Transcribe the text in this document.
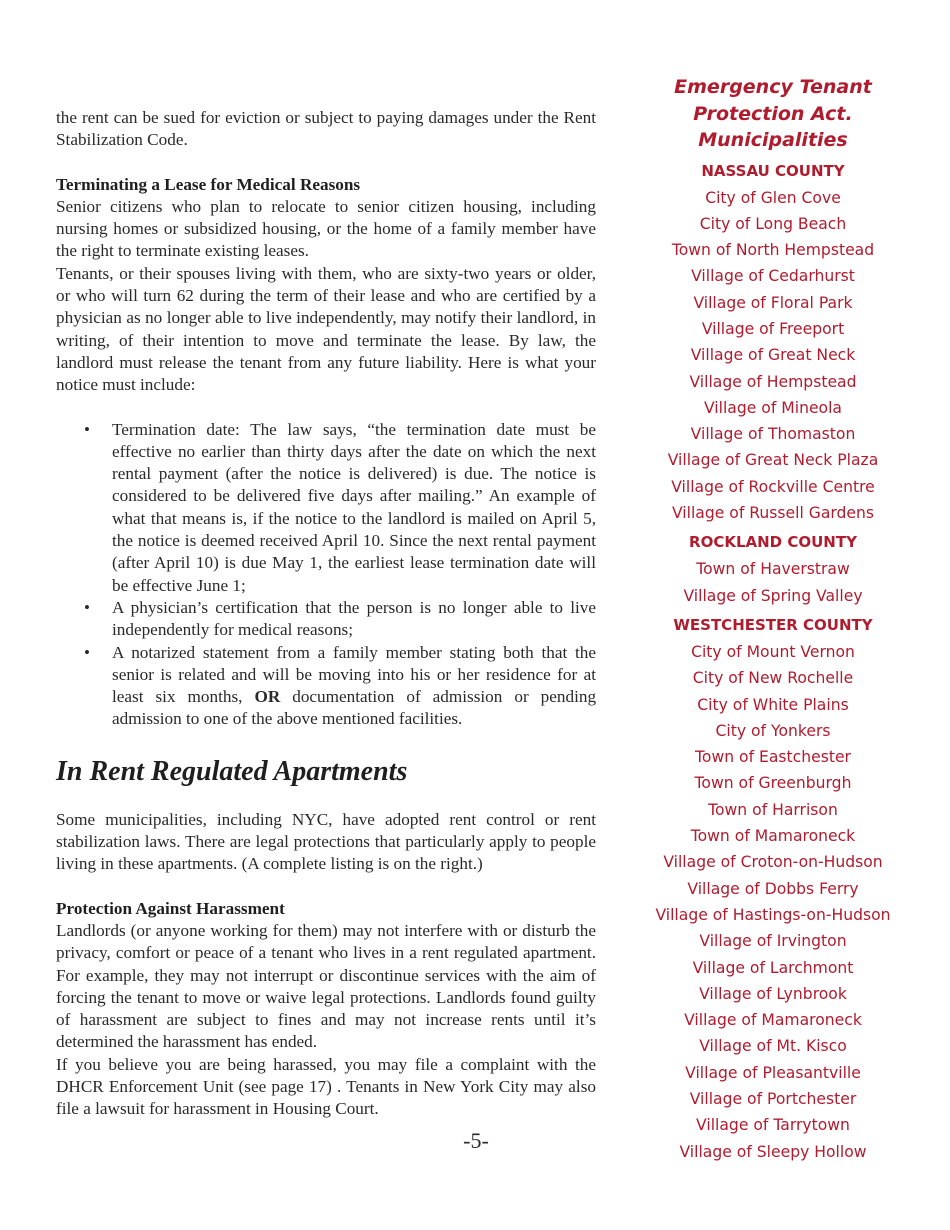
the rent can be sued for eviction or subject to paying damages under the Rent Stabilization Code.

Terminating a Lease for Medical Reasons

Senior citizens who plan to relocate to senior citizen housing, including nursing homes or subsidized housing, or the home of a family member have the right to terminate existing leases.

Tenants, or their spouses living with them, who are sixty-two years or older, or who will turn 62 during the term of their lease and who are certified by a physician as no longer able to live independently, may notify their landlord, in writing, of their intention to move and terminate the lease. By law, the landlord must release the tenant from any future liability. Here is what your notice must include:

• Termination date: The law says, “the termination date must be effective no earlier than thirty days after the date on which the next rental payment (after the notice is delivered) is due. The notice is considered to be delivered five days after mailing.” An example of what that means is, if the notice to the landlord is mailed on April 5, the notice is deemed received April 10. Since the next rental payment (after April 10) is due May 1, the earliest lease termination date will be effective June 1;
• A physician’s certification that the person is no longer able to live independently for medical reasons;
• A notarized statement from a family member stating both that the senior is related and will be moving into his or her residence for at least six months, OR documentation of admission or pending admission to one of the above mentioned facilities.
In Rent Regulated Apartments

Some municipalities, including NYC, have adopted rent control or rent stabilization laws. There are legal protections that particularly apply to people living in these apartments. (A complete listing is on the right.)

Protection Against Harassment

Landlords (or anyone working for them) may not interfere with or disturb the privacy, comfort or peace of a tenant who lives in a rent regulated apartment. For example, they may not interrupt or discontinue services with the aim of forcing the tenant to move or waive legal protections. Landlords found guilty of harassment are subject to fines and may not increase rents until it’s determined the harassment has ended.

If you believe you are being harassed, you may file a complaint with the DHCR Enforcement Unit (see page 17) . Tenants in New York City may also file a lawsuit for harassment in Housing Court.

-5-
Emergency Tenant
Protection Act.
Municipalities
NASSAU COUNTY
City of Glen Cove
City of Long Beach
Town of North Hempstead
Village of Cedarhurst
Village of Floral Park
Village of Freeport
Village of Great Neck
Village of Hempstead
Village of Mineola
Village of Thomaston
Village of Great Neck Plaza
Village of Rockville Centre
Village of Russell Gardens
ROCKLAND COUNTY
Town of Haverstraw
Village of Spring Valley
WESTCHESTER COUNTY
City of Mount Vernon
City of New Rochelle
City of White Plains
City of Yonkers
Town of Eastchester
Town of Greenburgh
Town of Harrison
Town of Mamaroneck
Village of Croton-on-Hudson
Village of Dobbs Ferry
Village of Hastings-on-Hudson
Village of Irvington
Village of Larchmont
Village of Lynbrook
Village of Mamaroneck
Village of Mt. Kisco
Village of Pleasantville
Village of Portchester
Village of Tarrytown
Village of Sleepy Hollow
